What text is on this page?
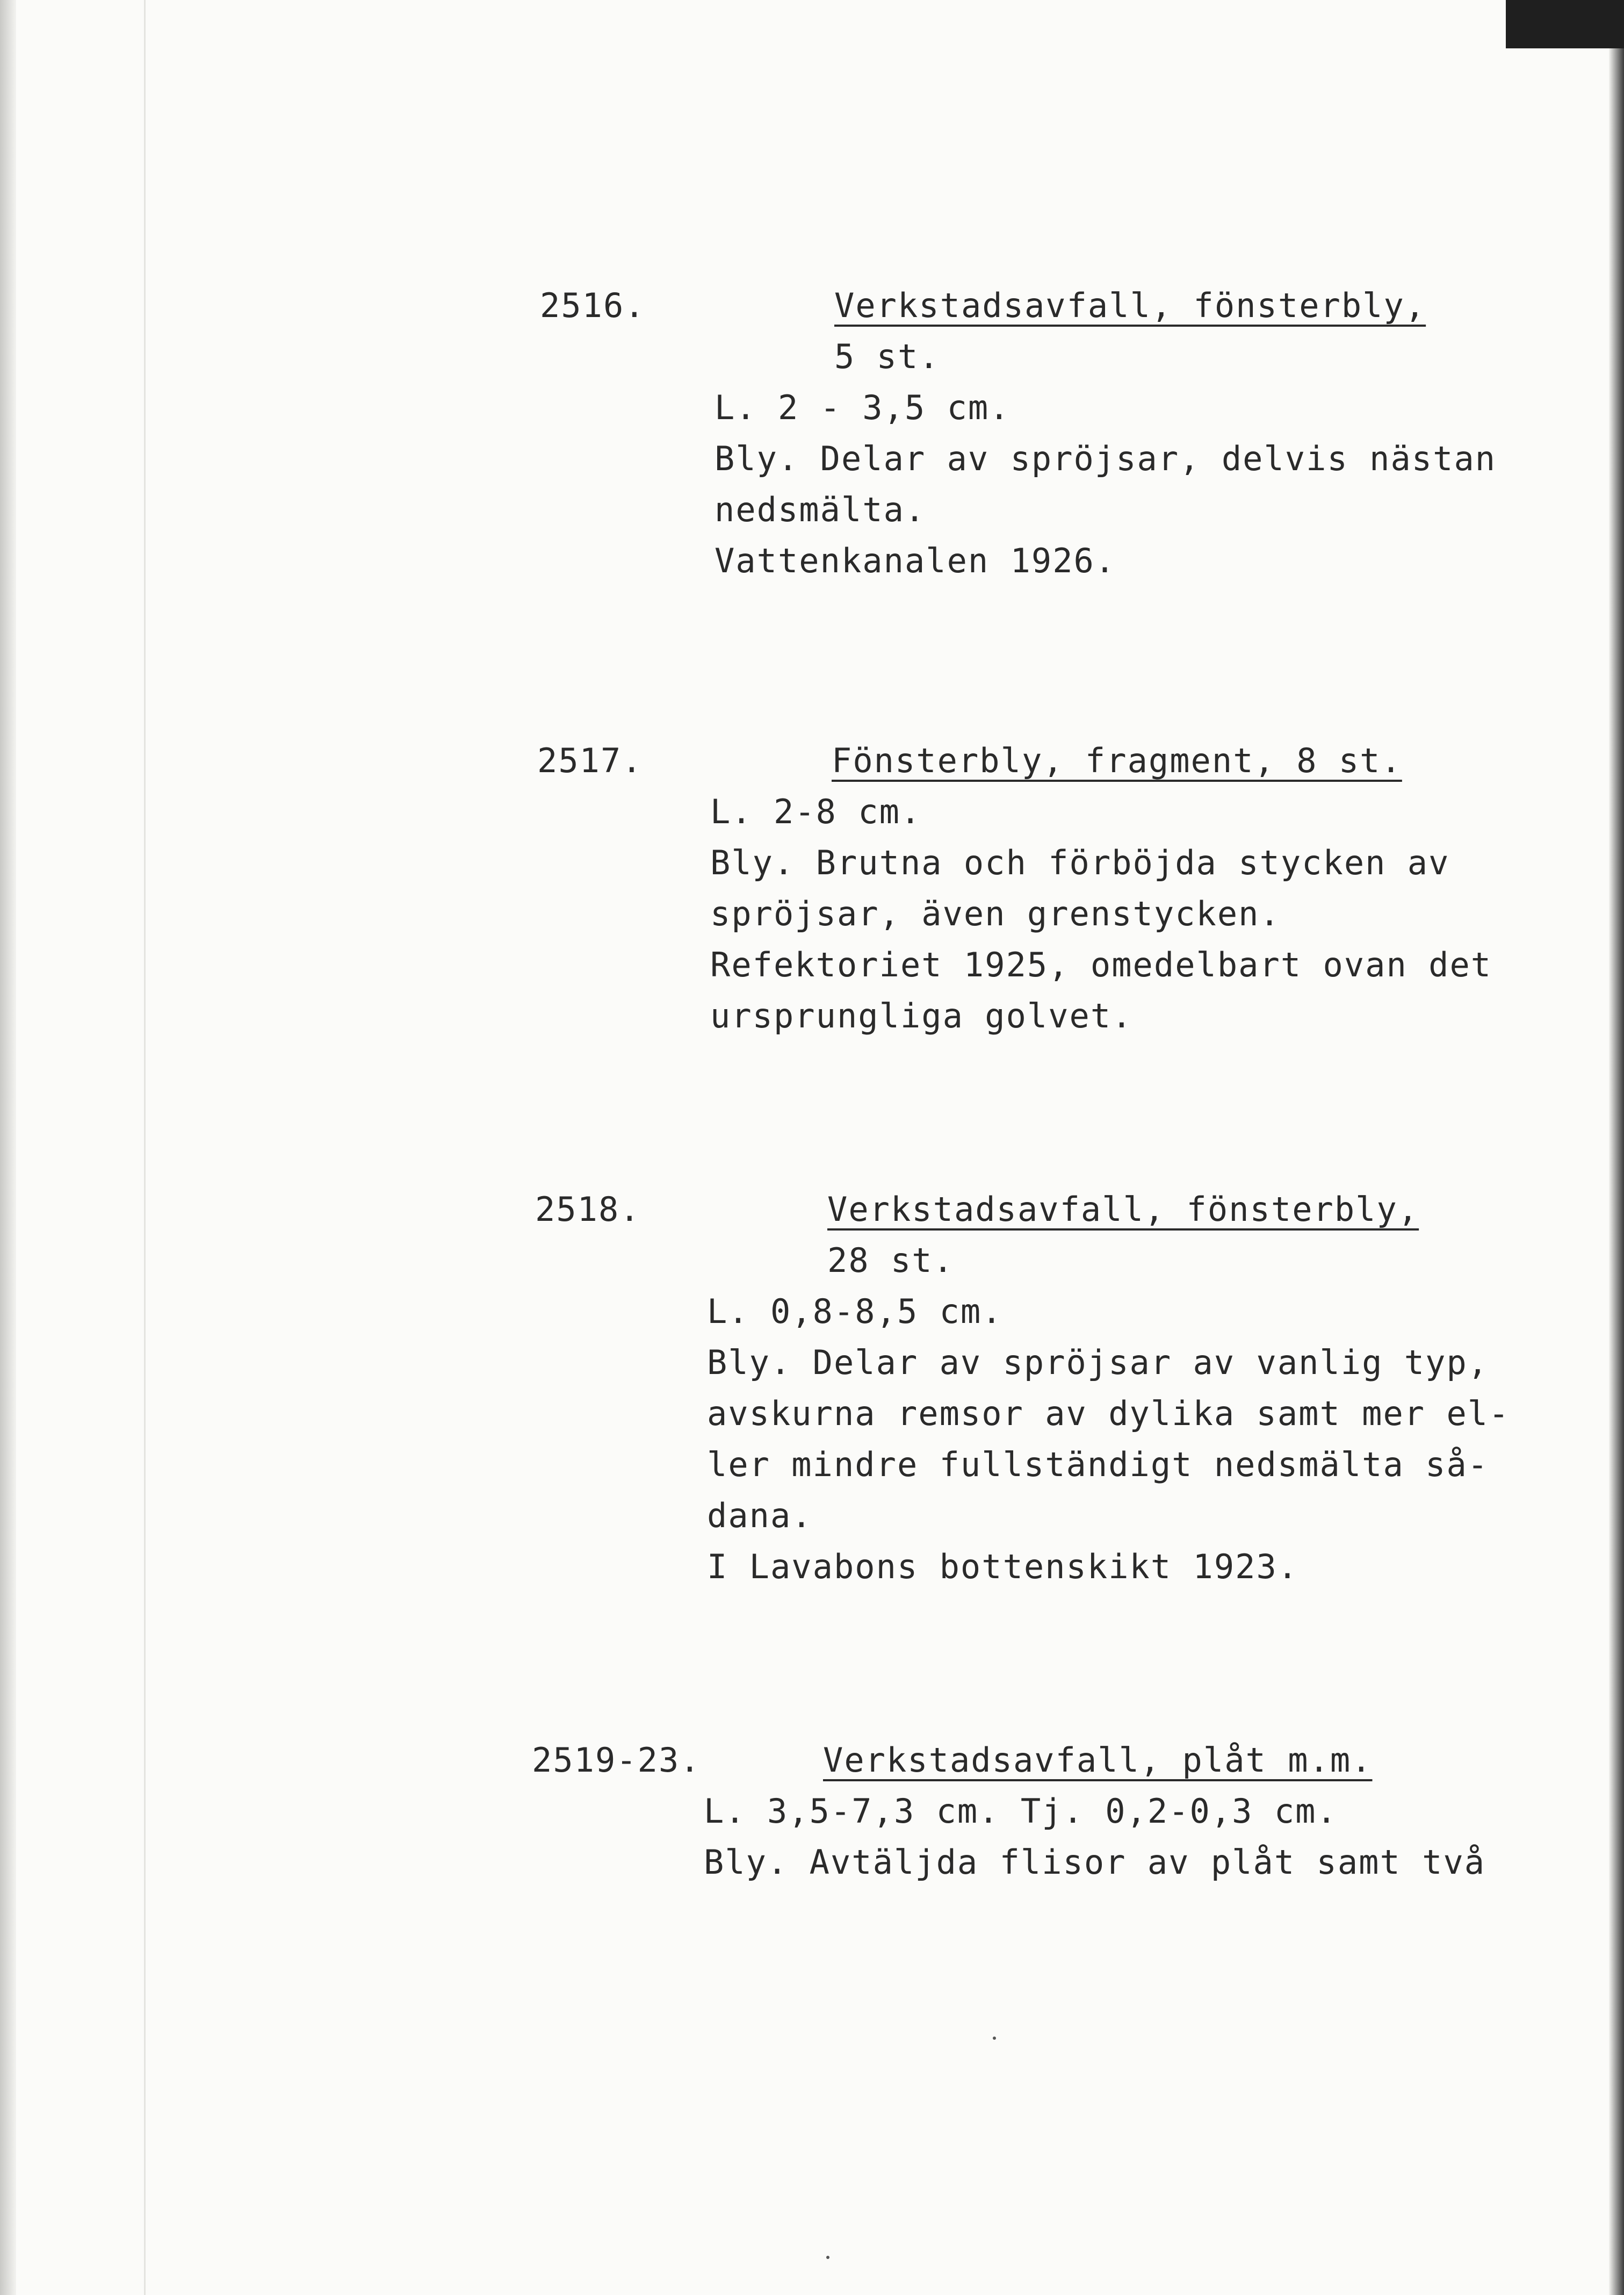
2516.	Verkstadsavfall, fönsterbly,
5 st.
L. 2 - 3,5 cm.
Bly. Delar av spröjsar, delvis nästan
nedsmälta.
Vattenkanalen 1926.
2517.	Fönsterbly, fragment, 8 st.
L. 2-8 cm.
Bly. Brutna och förböjda stycken av
spröjsar, även grenstycken.
Refektoriet 1925, omedelbart ovan det
ursprungliga golvet.
2518.	Verkstadsavfall, fönsterbly,
28 st.
L. 0,8-8,5 cm.
Bly. Delar av spröjsar av vanlig typ,
avskurna remsor av dylika samt mer el-
ler mindre fullständigt nedsmälta så-
dana.
I Lavabons bottenskikt 1923.
2519-23.	Verkstadsavfall, plåt m.m.
L. 3,5-7,3 cm. Tj. 0,2-0,3 cm.
Bly. Avtäljda flisor av plåt samt två
